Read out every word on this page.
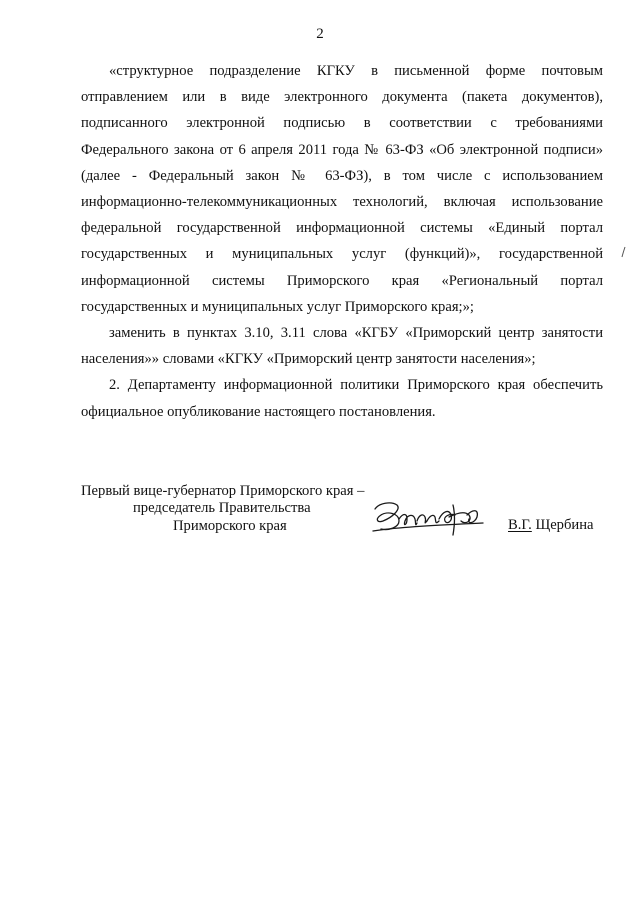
2

«структурное подразделение КГКУ в письменной форме почтовым отправлением или в виде электронного документа (пакета документов), подписанного электронной подписью в соответствии с требованиями Федерального закона от 6 апреля 2011 года № 63-ФЗ «Об электронной подписи» (далее - Федеральный закон № 63-ФЗ), в том числе с использованием информационно-телекоммуникационных технологий, включая использование федеральной государственной информационной системы «Единый портал государственных и муниципальных услуг (функций)», государственной информационной системы Приморского края «Региональный портал государственных и муниципальных услуг Приморского края;»;

заменить в пунктах 3.10, 3.11 слова «КГБУ «Приморский центр занятости населения»» словами «КГКУ «Приморский центр занятости населения»;

2. Департаменту информационной политики Приморского края обеспечить официальное опубликование настоящего постановления.

Первый вице-губернатор Приморского края –
председатель Правительства
Приморского края	В.Г. Щербина
